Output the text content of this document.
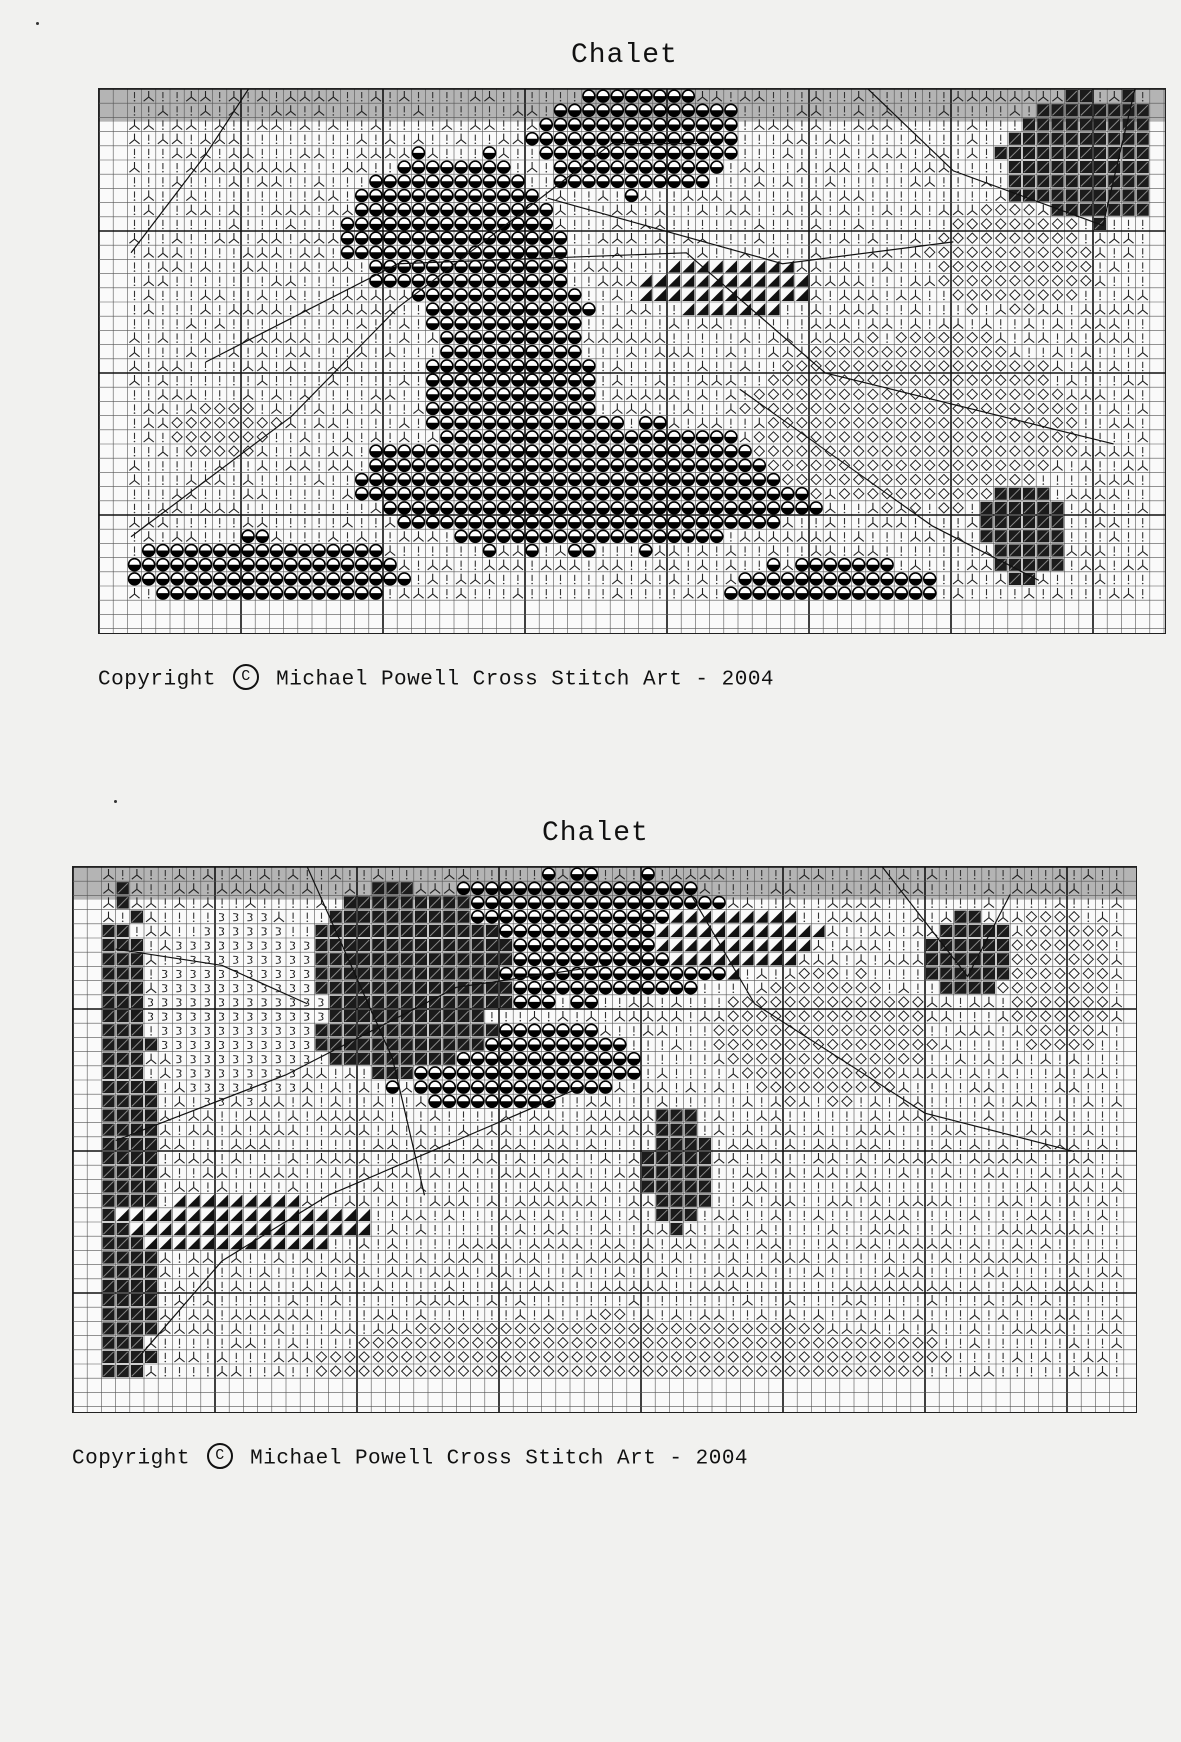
Chalet
Copyright C Michael Powell Cross Stitch Art - 2004
Chalet
Copyright C Michael Powell Cross Stitch Art - 2004
